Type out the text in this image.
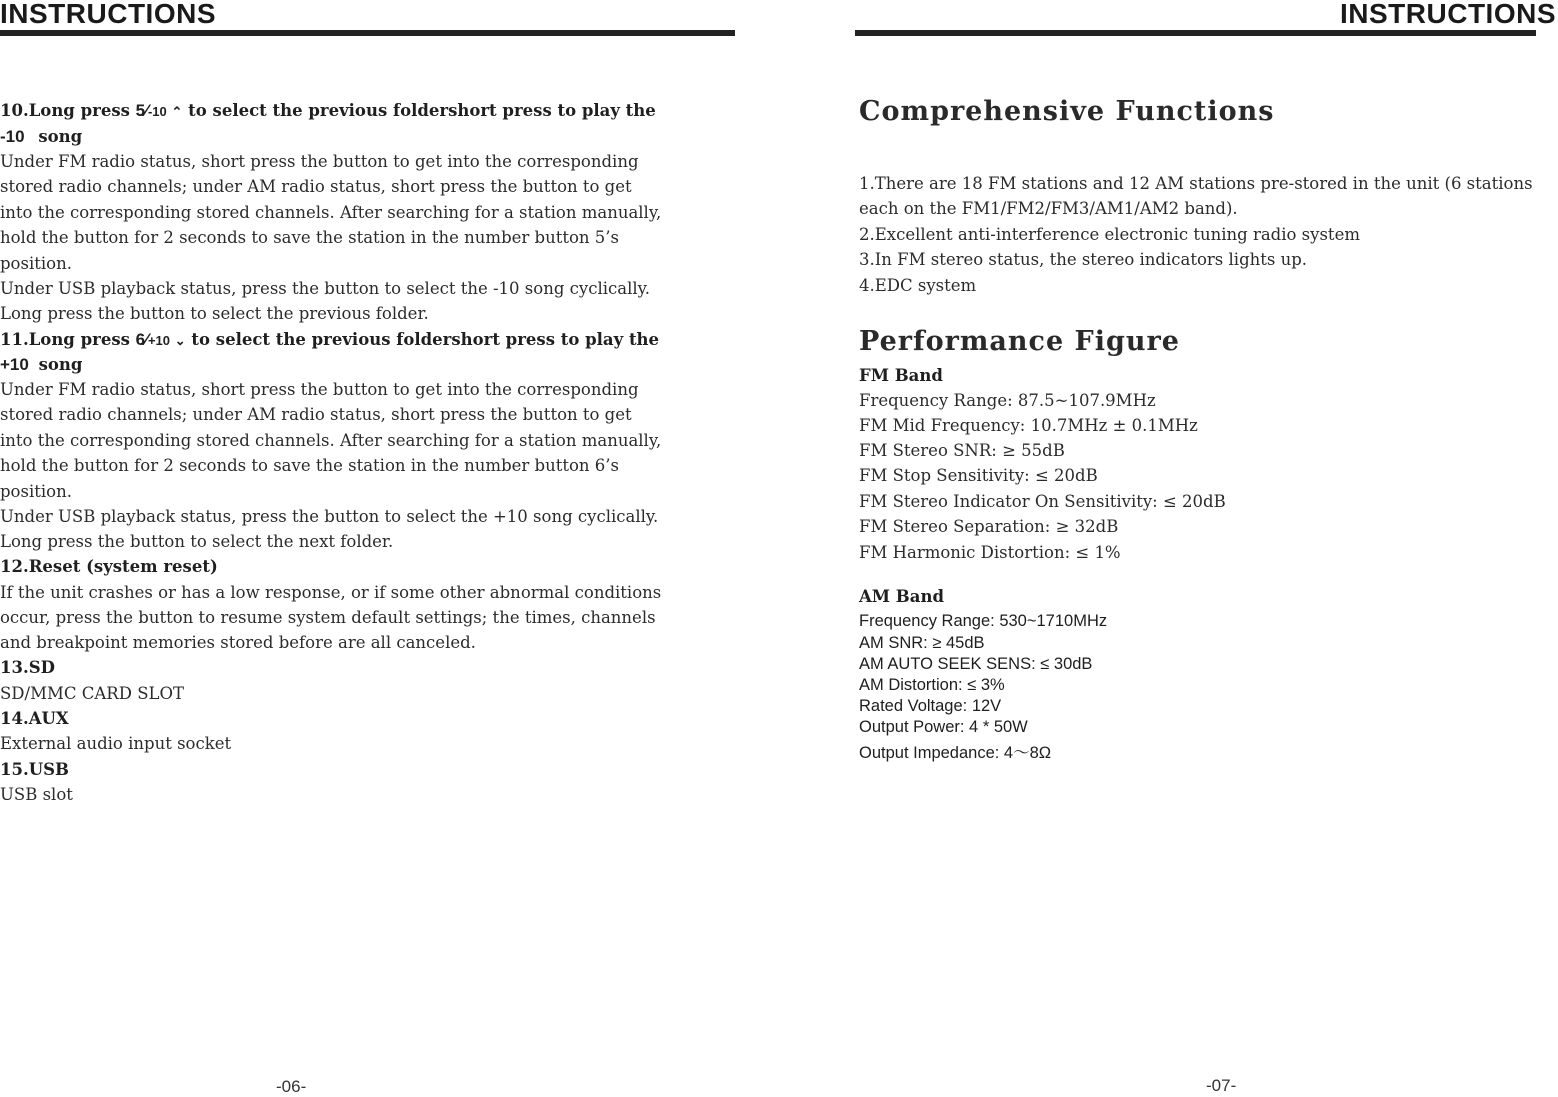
INSTRUCTIONS
10.Long press 5⁄-10 ⌃ to select the previous foldershort press to play the
-10 song
Under FM radio status, short press the button to get into the corresponding
stored radio channels; under AM radio status, short press the button to get
into the corresponding stored channels. After searching for a station manually,
hold the button for 2 seconds to save the station in the number button 5’s
position.
Under USB playback status, press the button to select the -10 song cyclically.
Long press the button to select the previous folder.
11.Long press 6⁄+10 ⌄ to select the previous foldershort press to play the
+10 song
Under FM radio status, short press the button to get into the corresponding
stored radio channels; under AM radio status, short press the button to get
into the corresponding stored channels. After searching for a station manually,
hold the button for 2 seconds to save the station in the number button 6’s
position.
Under USB playback status, press the button to select the +10 song cyclically.
Long press the button to select the next folder.
12.Reset (system reset)
If the unit crashes or has a low response, or if some other abnormal conditions
occur, press the button to resume system default settings; the times, channels
and breakpoint memories stored before are all canceled.
13.SD
SD/MMC CARD SLOT
14.AUX
External audio input socket
15.USB
USB slot
-06-
INSTRUCTIONS
Comprehensive Functions
1.There are 18 FM stations and 12 AM stations pre-stored in the unit (6 stations
each on the FM1/FM2/FM3/AM1/AM2 band).
2.Excellent anti-interference electronic tuning radio system
3.In FM stereo status, the stereo indicators lights up.
4.EDC system
FM Band
Frequency Range: 87.5~107.9MHz
FM Mid Frequency: 10.7MHz ± 0.1MHz
FM Stereo SNR: ≥ 55dB
FM Stop Sensitivity: ≤ 20dB
FM Stereo Indicator On Sensitivity: ≤ 20dB
FM Stereo Separation: ≥ 32dB
FM Harmonic Distortion: ≤ 1%
AM Band
Frequency Range: 530~1710MHz
AM SNR: ≥ 45dB
AM AUTO SEEK SENS: ≤ 30dB
AM Distortion: ≤ 3%
Rated Voltage: 12V
Output Power: 4 * 50W
Output Impedance: 4～8Ω
Performance Figure
-07-
